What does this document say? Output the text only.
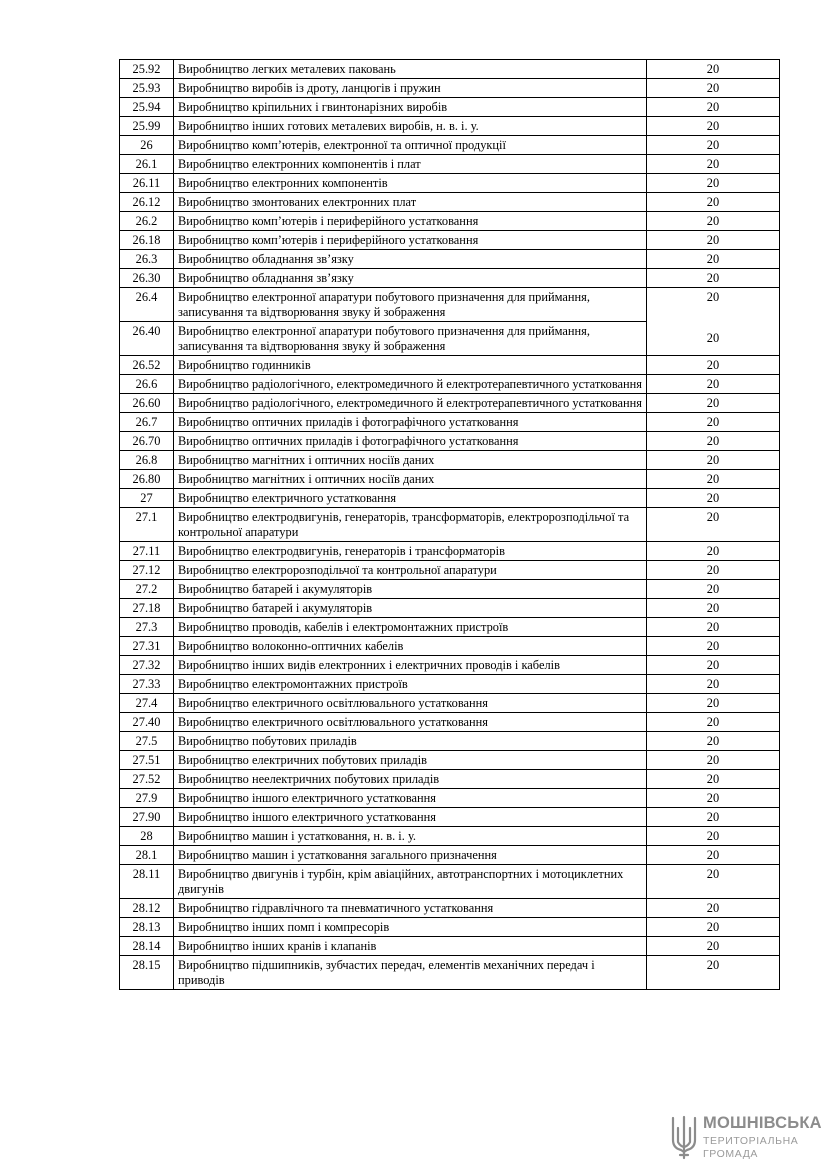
25.92	Виробництво легких металевих паковань	20
25.93	Виробництво виробів із дроту, ланцюгів і пружин	20
25.94	Виробництво кріпильних і гвинтонарізних виробів	20
25.99	Виробництво інших готових металевих виробів, н. в. і. у.	20
26	Виробництво комп’ютерів, електронної та оптичної продукції	20
26.1	Виробництво електронних компонентів і плат	20
26.11	Виробництво електронних компонентів	20
26.12	Виробництво змонтованих електронних плат	20
26.2	Виробництво комп’ютерів і периферійного устатковання	20
26.18	Виробництво комп’ютерів і периферійного устатковання	20
26.3	Виробництво обладнання зв’язку	20
26.30	Виробництво обладнання зв’язку	20
26.4	Виробництво електронної апаратури побутового призначення для приймання, записування та відтворювання звуку й зображення	20
26.40	Виробництво електронної апаратури побутового призначення для приймання, записування та відтворювання звуку й зображення	20
26.52	Виробництво годинників	20
26.6	Виробництво радіологічного, електромедичного й електротерапевтичного устатковання	20
26.60	Виробництво радіологічного, електромедичного й електротерапевтичного устатковання	20
26.7	Виробництво оптичних приладів і фотографічного устатковання	20
26.70	Виробництво оптичних приладів і фотографічного устатковання	20
26.8	Виробництво магнітних і оптичних носіїв даних	20
26.80	Виробництво магнітних і оптичних носіїв даних	20
27	Виробництво електричного устатковання	20
27.1	Виробництво електродвигунів, генераторів, трансформаторів, електророзподільчої та контрольної апаратури	20
27.11	Виробництво електродвигунів, генераторів і трансформаторів	20
27.12	Виробництво електророзподільчої та контрольної апаратури	20
27.2	Виробництво батарей і акумуляторів	20
27.18	Виробництво батарей і акумуляторів	20
27.3	Виробництво проводів, кабелів і електромонтажних пристроїв	20
27.31	Виробництво волоконно-оптичних кабелів	20
27.32	Виробництво інших видів електронних і електричних проводів і кабелів	20
27.33	Виробництво електромонтажних пристроїв	20
27.4	Виробництво електричного освітлювального устатковання	20
27.40	Виробництво електричного освітлювального устатковання	20
27.5	Виробництво побутових приладів	20
27.51	Виробництво електричних побутових приладів	20
27.52	Виробництво неелектричних побутових приладів	20
27.9	Виробництво іншого електричного устатковання	20
27.90	Виробництво іншого електричного устатковання	20
28	Виробництво машин і устатковання, н. в. і. у.	20
28.1	Виробництво машин і устатковання загального призначення	20
28.11	Виробництво двигунів і турбін, крім авіаційних, автотранспортних і мотоциклетних двигунів	20
28.12	Виробництво гідравлічного та пневматичного устатковання	20
28.13	Виробництво інших помп і компресорів	20
28.14	Виробництво інших кранів і клапанів	20
28.15	Виробництво підшипників, зубчастих передач, елементів механічних передач і приводів	20
МОШНІВСЬКА
ТЕРИТОРІАЛЬНА
ГРОМАДА
